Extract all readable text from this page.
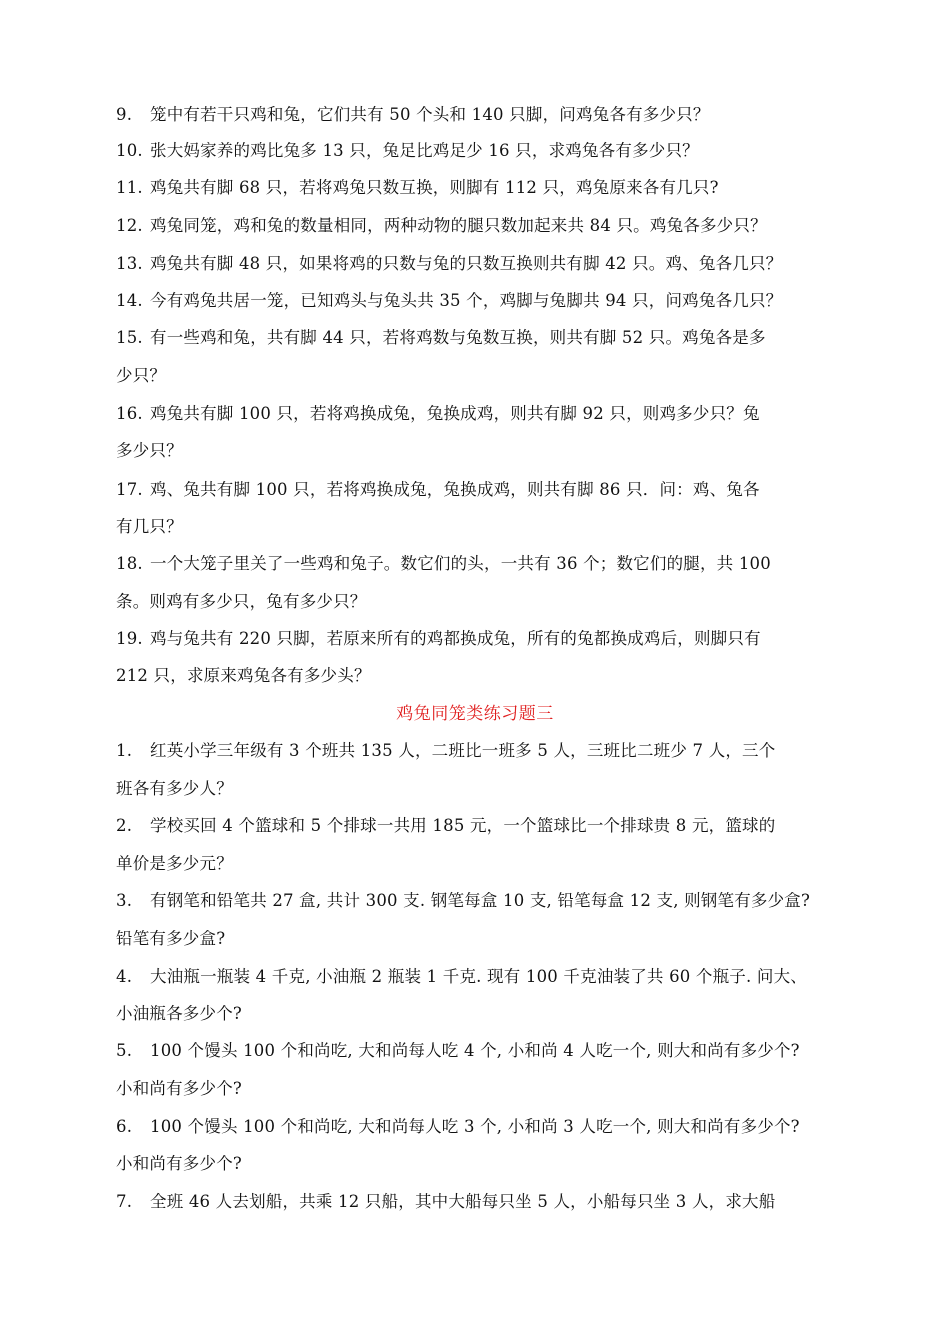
9. 笼中有若干只鸡和兔，它们共有 50 个头和 140 只脚，问鸡兔各有多少只？
10. 张大妈家养的鸡比兔多 13 只，兔足比鸡足少 16 只，求鸡兔各有多少只？
11. 鸡兔共有脚 68 只，若将鸡兔只数互换，则脚有 112 只，鸡兔原来各有几只?
12. 鸡兔同笼，鸡和兔的数量相同，两种动物的腿只数加起来共 84 只。鸡兔各多少只？
13. 鸡兔共有脚 48 只，如果将鸡的只数与兔的只数互换则共有脚 42 只。鸡、兔各几只？
14. 今有鸡兔共居一笼，已知鸡头与兔头共 35 个，鸡脚与兔脚共 94 只，问鸡兔各几只？
15. 有一些鸡和兔，共有脚 44 只，若将鸡数与兔数互换，则共有脚 52 只。鸡兔各是多
少只？
16. 鸡兔共有脚 100 只，若将鸡换成兔，兔换成鸡，则共有脚 92 只，则鸡多少只？兔
多少只？
17. 鸡、兔共有脚 100 只，若将鸡换成兔，兔换成鸡，则共有脚 86 只．问：鸡、兔各
有几只？
18. 一个大笼子里关了一些鸡和兔子。数它们的头，一共有 36 个；数它们的腿，共 100
条。则鸡有多少只，兔有多少只？
19. 鸡与兔共有 220 只脚，若原来所有的鸡都换成兔，所有的兔都换成鸡后，则脚只有
212 只，求原来鸡兔各有多少头？
鸡兔同笼类练习题三
1. 红英小学三年级有 3 个班共 135 人，二班比一班多 5 人，三班比二班少 7 人，三个
班各有多少人？
2. 学校买回 4 个篮球和 5 个排球一共用 185 元，一个篮球比一个排球贵 8 元，篮球的
单价是多少元？
3. 有钢笔和铅笔共 27 盒, 共计 300 支. 钢笔每盒 10 支, 铅笔每盒 12 支, 则钢笔有多少盒?
铅笔有多少盒?
4. 大油瓶一瓶装 4 千克, 小油瓶 2 瓶装 1 千克. 现有 100 千克油装了共 60 个瓶子. 问大、
小油瓶各多少个?
5. 100 个馒头 100 个和尚吃, 大和尚每人吃 4 个, 小和尚 4 人吃一个, 则大和尚有多少个?
小和尚有多少个?
6. 100 个馒头 100 个和尚吃, 大和尚每人吃 3 个, 小和尚 3 人吃一个, 则大和尚有多少个?
小和尚有多少个?
7. 全班 46 人去划船，共乘 12 只船，其中大船每只坐 5 人，小船每只坐 3 人，求大船
